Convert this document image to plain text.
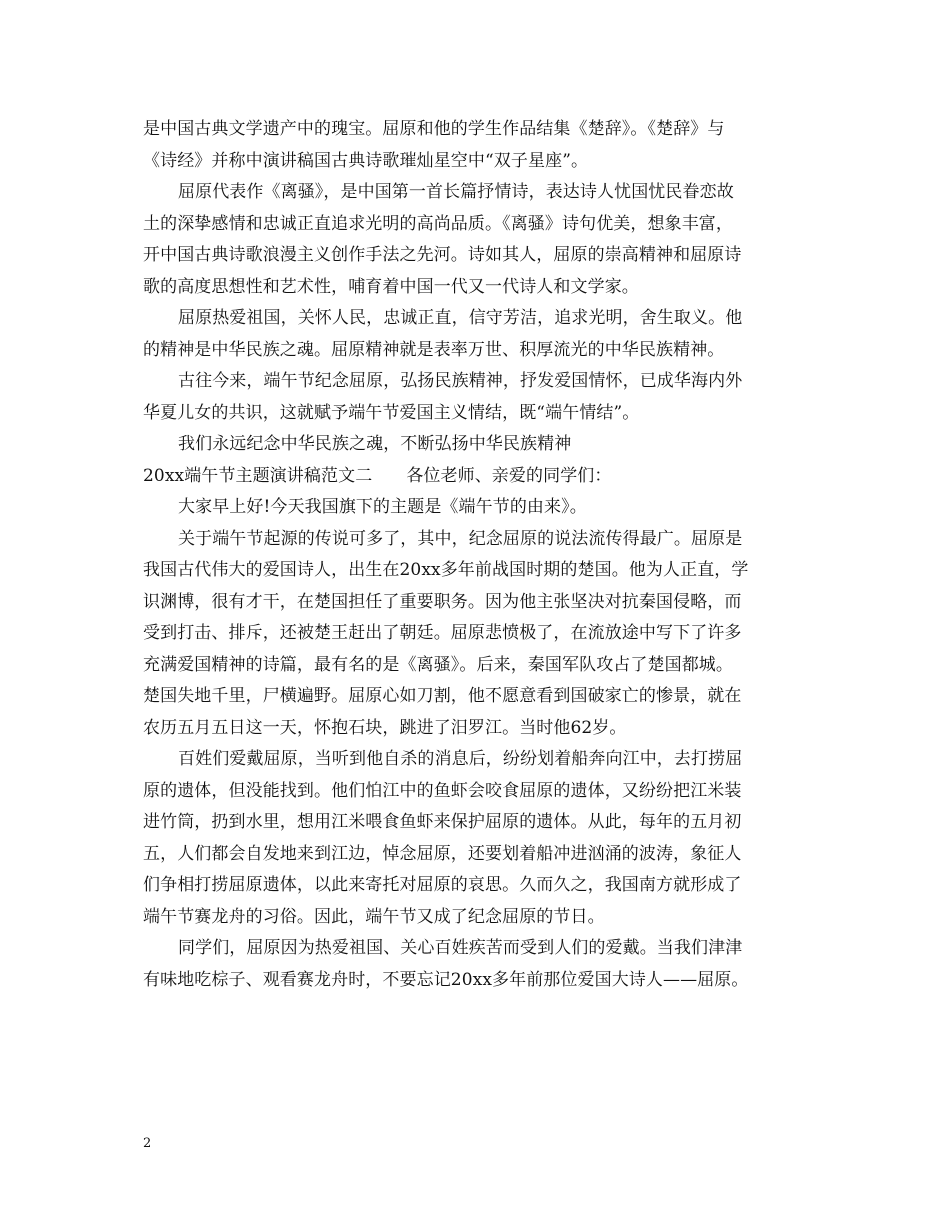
是中国古典文学遗产中的瑰宝。屈原和他的学生作品结集《楚辞》。《楚辞》与
《诗经》并称中演讲稿国古典诗歌璀灿星空中“双子星座”。
屈原代表作《离骚》，是中国第一首长篇抒情诗，表达诗人忧国忧民眷恋故
土的深挚感情和忠诚正直追求光明的高尚品质。《离骚》诗句优美，想象丰富，
开中国古典诗歌浪漫主义创作手法之先河。诗如其人，屈原的崇高精神和屈原诗
歌的高度思想性和艺术性，哺育着中国一代又一代诗人和文学家。
屈原热爱祖国，关怀人民，忠诚正直，信守芳洁，追求光明，舍生取义。他
的精神是中华民族之魂。屈原精神就是表率万世、积厚流光的中华民族精神。
古往今来，端午节纪念屈原，弘扬民族精神，抒发爱国情怀，已成华海内外
华夏儿女的共识，这就赋予端午节爱国主义情结，既“端午情结”。
我们永远纪念中华民族之魂，不断弘扬中华民族精神
20xx端午节主题演讲稿范文二 各位老师、亲爱的同学们：
大家早上好!今天我国旗下的主题是《端午节的由来》。
关于端午节起源的传说可多了，其中，纪念屈原的说法流传得最广。屈原是
我国古代伟大的爱国诗人，出生在20xx多年前战国时期的楚国。他为人正直，学
识渊博，很有才干，在楚国担任了重要职务。因为他主张坚决对抗秦国侵略，而
受到打击、排斥，还被楚王赶出了朝廷。屈原悲愤极了，在流放途中写下了许多
充满爱国精神的诗篇，最有名的是《离骚》。后来，秦国军队攻占了楚国都城。
楚国失地千里，尸横遍野。屈原心如刀割，他不愿意看到国破家亡的惨景，就在
农历五月五日这一天，怀抱石块，跳进了汨罗江。当时他62岁。
百姓们爱戴屈原，当听到他自杀的消息后，纷纷划着船奔向江中，去打捞屈
原的遗体，但没能找到。他们怕江中的鱼虾会咬食屈原的遗体，又纷纷把江米装
进竹筒，扔到水里，想用江米喂食鱼虾来保护屈原的遗体。从此，每年的五月初
五，人们都会自发地来到江边，悼念屈原，还要划着船冲进汹涌的波涛，象征人
们争相打捞屈原遗体，以此来寄托对屈原的哀思。久而久之，我国南方就形成了
端午节赛龙舟的习俗。因此，端午节又成了纪念屈原的节日。
同学们，屈原因为热爱祖国、关心百姓疾苦而受到人们的爱戴。当我们津津
有味地吃棕子、观看赛龙舟时，不要忘记20xx多年前那位爱国大诗人——屈原。
2
